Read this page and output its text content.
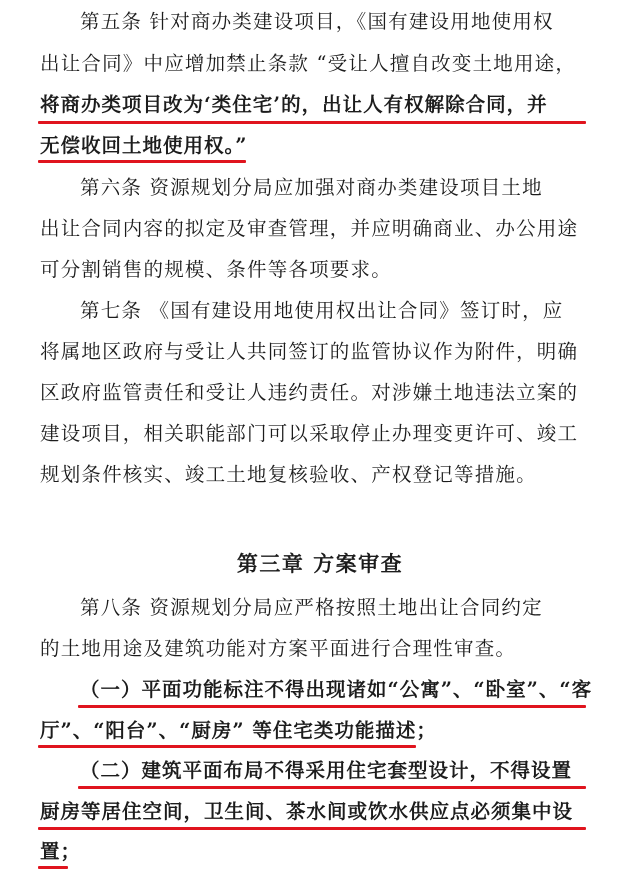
第五条 针对商办类建设项目，《国有建设用地使用权
出让合同》中应增加禁止条款 “受让人擅自改变土地用途，
将商办类项目改为‘类住宅’的，出让人有权解除合同，并
无偿收回土地使用权。”
第六条 资源规划分局应加强对商办类建设项目土地
出让合同内容的拟定及审查管理，并应明确商业、办公用途
可分割销售的规模、条件等各项要求。
第七条 《国有建设用地使用权出让合同》签订时，应
将属地区政府与受让人共同签订的监管协议作为附件，明确
区政府监管责任和受让人违约责任。对涉嫌土地违法立案的
建设项目，相关职能部门可以采取停止办理变更许可、竣工
规划条件核实、竣工土地复核验收、产权登记等措施。
第三章 方案审查
第八条 资源规划分局应严格按照土地出让合同约定
的土地用途及建筑功能对方案平面进行合理性审查。
（一）平面功能标注不得出现诸如“公寓”、“卧室”、“客
厅”、“阳台”、“厨房” 等住宅类功能描述；
（二）建筑平面布局不得采用住宅套型设计，不得设置
厨房等居住空间，卫生间、茶水间或饮水供应点必须集中设
置；
